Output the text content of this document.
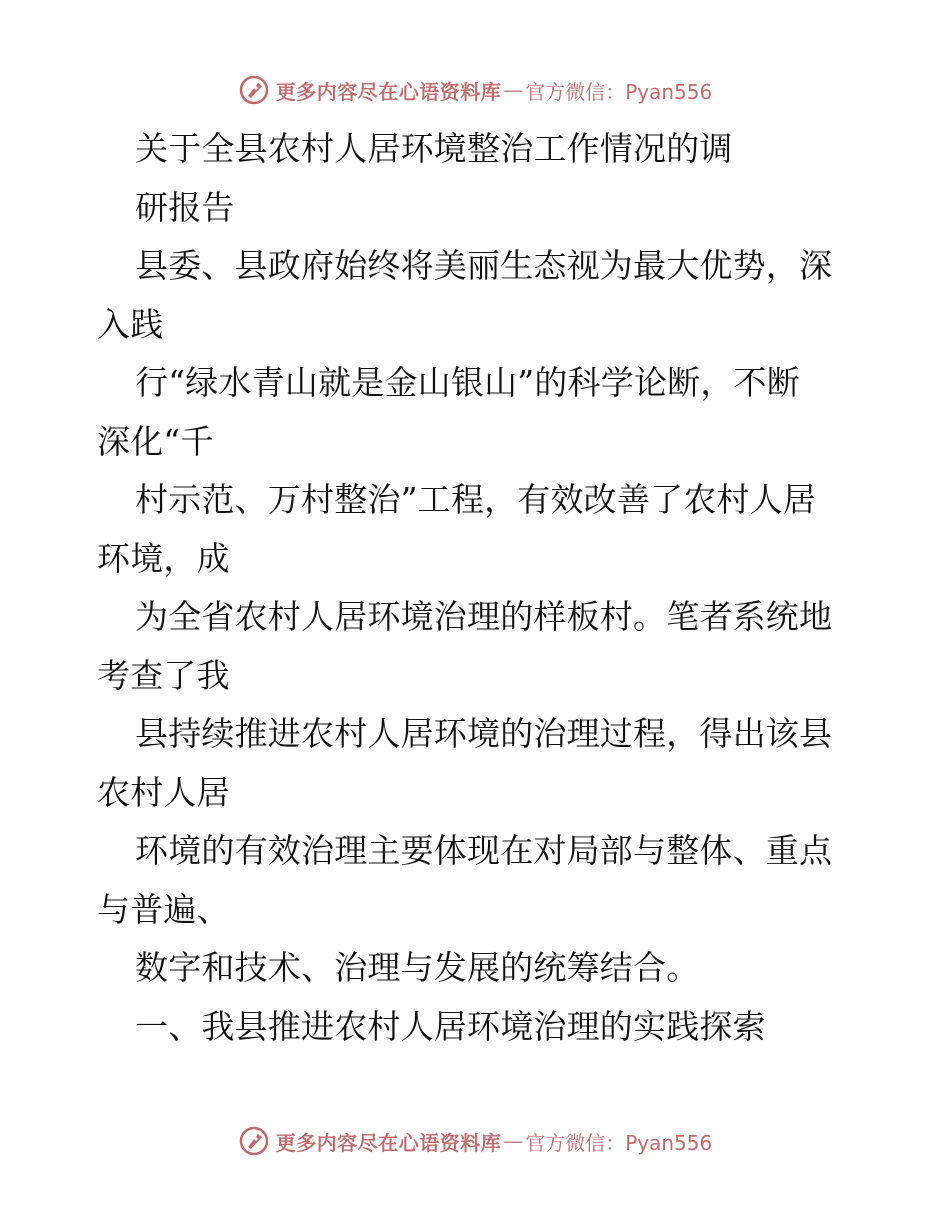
更多内容尽在心语资料库 — 官方微信：Pyan556
关于全县农村人居环境整治工作情况的调
研报告
县委、县政府始终将美丽生态视为最大优势，深
入践
行“绿水青山就是金山银山”的科学论断，不断
深化“千
村示范、万村整治”工程，有效改善了农村人居
环境，成
为全省农村人居环境治理的样板村。笔者系统地
考查了我
县持续推进农村人居环境的治理过程，得出该县
农村人居
环境的有效治理主要体现在对局部与整体、重点
与普遍、
数字和技术、治理与发展的统筹结合。
一、我县推进农村人居环境治理的实践探索
更多内容尽在心语资料库 — 官方微信：Pyan556
